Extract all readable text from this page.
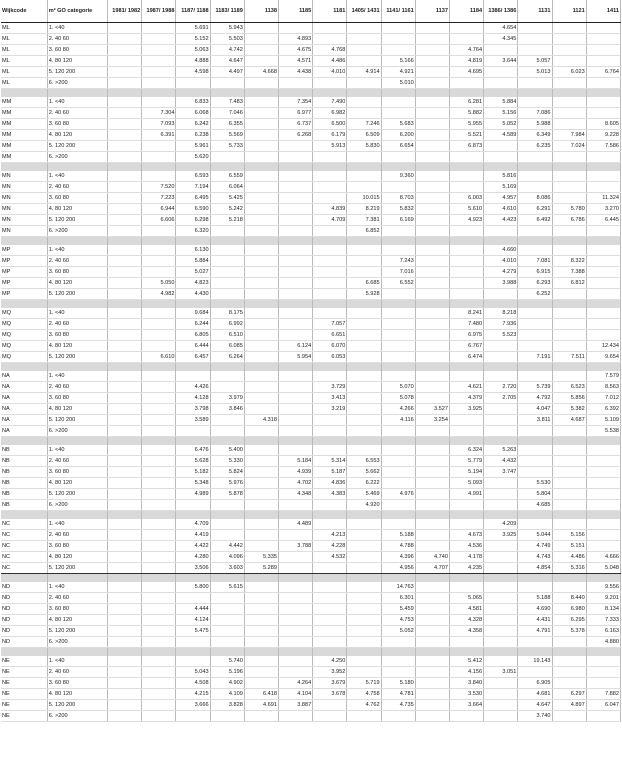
Wijkcode	m² GO categorie	1981/ 1982	1987/ 1988	1187/ 1188	1183/ 1189	1138	1185	1181	1405/ 1431	1141/ 1161	1137	1184	1386/ 1386	1131	1121	1411
ML	1. <40			5.691	5.943								4.654			
ML	2. 40 60			5.152	5.503		4.893						4.345			
ML	3. 60 80			5.063	4.742		4.675	4.768				4.764				
ML	4. 80 120			4.888	4.647		4.571	4.486		5.166		4.819	3.644	5.057		
ML	5. 120 200			4.598	4.497	4.668	4.438	4.010	4.914	4.921		4.695		5.013	6.023	6.764
ML	6. >200									5.010						

MM	1. <40			6.833	7.483		7.354	7.490				6.281	5.884			
MM	2. 40 60		7.304	6.068	7.046		6.977	6.982				5.882	5.156	7.086		
MM	3. 60 80		7.093	6.242	6.355		6.737	6.500	7.246	5.683		5.955	5.052	5.988		8.605
MM	4. 80 120		6.391	6.238	5.569		6.268	6.179	6.509	6.200		5.521	4.589	6.349	7.984	9.228
MM	5. 120 200			5.961	5.733			5.913	5.830	6.654		6.873		6.235	7.024	7.586
MM	6. >200			5.620												

MN	1. <40			6.593	6.559					9.360			5.816			
MN	2. 40 60		7.520	7.194	6.064								5.169			
MN	3. 60 80		7.223	6.495	5.425				10.015	8.703		6.003	4.957	8.086		11.324
MN	4. 80 120		6.944	6.590	5.242			4.839	8.219	5.832		5.610	4.610	6.291	5.780	3.270
MN	5. 120 200		6.606	6.298	5.218			4.709	7.381	6.169		4.923	4.423	6.492	6.786	6.445
MN	6. >200			6.320					6.852							

MP	1. <40			6.130									4.660			
MP	2. 40 60			5.884						7.243			4.010	7.081	8.322	
MP	3. 60 80			5.027						7.016			4.279	6.915	7.388	
MP	4. 80 120		5.050	4.823					6.685	6.552			3.988	6.293	6.812	
MP	5. 120 200		4.982	4.430					5.928					6.252		

MQ	1. <40			9.684	8.175							8.241	8.218			
MQ	2. 40 60			6.244	6.992			7.057				7.480	7.936			
MQ	3. 60 80			6.805	6.510			6.651				6.975	5.523			
MQ	4. 80 120			6.444	6.085		6.124	6.070				6.767				12.434
MQ	5. 120 200		6.610	6.457	6.264		5.954	6.053				6.474		7.191	7.511	9.654

NA	1. <40															7.579
NA	2. 40 60			4.426				3.729		5.070		4.621	2.720	5.739	6.523	8.563
NA	3. 60 80			4.128	3.979			3.413		5.078		4.379	2.705	4.792	5.856	7.012
NA	4. 80 120			3.798	3.846			3.219		4.266	3.527	3.925		4.047	5.382	6.392
NA	5. 120 200			3.589		4.318				4.116	3.254			3.811	4.687	5.109
NA	6. >200															5.538

NB	1. <40			6.476	5.400							6.324	5.263			
NB	2. 40 60			5.628	5.330		5.184	5.314	6.553			5.779	4.432			
NB	3. 60 80			5.182	5.824		4.939	5.187	5.662			5.194	3.747			
NB	4. 80 120			5.348	5.976		4.702	4.836	6.222			5.093		5.530		
NB	5. 120 200			4.989	5.878		4.348	4.383	5.469	4.976		4.991		5.804		
NB	6. >200								4.920					4.685		

NC	1. <40			4.709			4.489						4.209			
NC	2. 40 60			4.419				4.213		5.188		4.673	3.925	5.044	5.156	
NC	3. 60 80			4.422	4.442		3.788	4.228		4.788		4.536		4.749	5.151	
NC	4. 80 120			4.280	4.096	5.335		4.532		4.396	4.740	4.178		4.743	4.486	4.666
NC	5. 120 200			3.506	3.603	5.289				4.956	4.707	4.235		4.854	5.316	5.048

ND	1. <40			5.800	5.615					14.763						9.556
ND	2. 40 60									6.301		5.065		5.188	8.440	9.201
ND	3. 60 80			4.444						5.459		4.581		4.690	6.980	8.134
ND	4. 80 120			4.124						4.753		4.328		4.431	6.295	7.333
ND	5. 120 200			5.475						5.052		4.358		4.791	5.378	6.163
ND	6. >200															4.880

NE	1. <40				5.740			4.250				5.412		19.143		
NE	2. 40 60			5.043	5.196			3.952				4.156	3.051			
NE	3. 60 80			4.508	4.902		4.264	3.679	5.719	5.180		3.840		6.905		
NE	4. 80 120			4.215	4.109	6.418	4.104	3.678	4.758	4.781		3.530		4.681	6.297	7.882
NE	5. 120 200			3.666	3.828	4.691	3.887		4.762	4.735		3.664		4.647	4.897	6.047
NE	6. >200													3.740		
